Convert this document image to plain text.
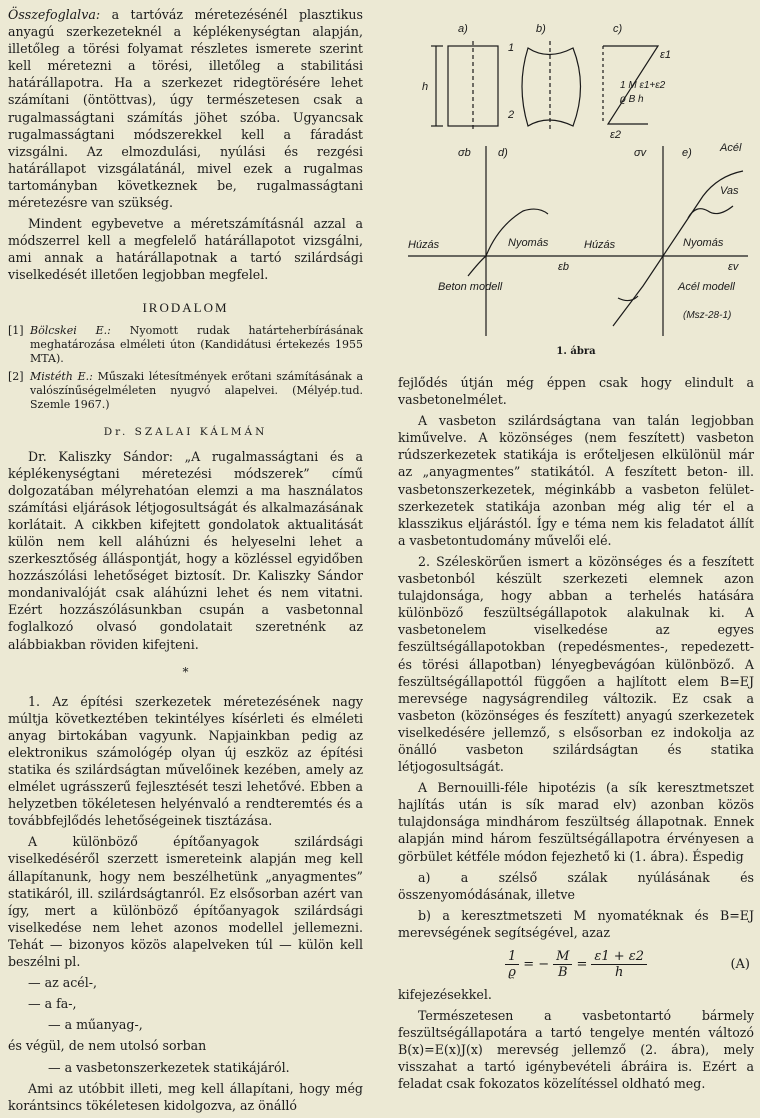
Összefoglalva: a tartóváz méretezésénél plasztikus anyagú szerkezeteknél a képlékenységtan alapján, illetőleg a törési folyamat részletes ismerete szerint kell méretezni a törési, illetőleg a stabilitási határállapotra. Ha a szerkezet ridegtörésére lehet számítani (öntöttvas), úgy természetesen csak a rugalmasságtani számítás jöhet szóba. Ugyancsak rugalmasságtani módszerekkel kell a fáradást vizsgálni. Az elmozdulási, nyúlási és rezgési határállapot vizsgálatánál, mivel ezek a rugalmas tartományban következnek be, rugalmasságtani méretezésre van szükség.

Mindent egybevetve a méretszámításnál azzal a módszerrel kell a megfelelő határállapotot vizsgálni, ami annak a határállapotnak a tartó szilárdsági viselkedését illetően legjobban megfelel.

IRODALOM
[1] Bölcskei E.: Nyomott rudak határteherbírásának meghatározása elméleti úton (Kandidátusi értekezés 1955 MTA).
[2] Mistéth E.: Műszaki létesítmények erőtani számításának a valószínűségelméleten nyugvó alapelvei. (Mélyép.tud. Szemle 1967.)
Dr. SZALAI KÁLMÁN

Dr. Kaliszky Sándor: „A rugalmasságtani és a képlékenységtani méretezési módszerek” című dolgozatában mélyrehatóan elemzi a ma használatos számítási eljárások létjogosultságát és alkalmazásának korlátait. A cikkben kifejtett gondolatok aktualitását külön nem kell aláhúzni és helyeselni lehet a szerkesztőség álláspontját, hogy a közléssel egyidőben hozzászólási lehetőséget biztosít. Dr. Kaliszky Sándor mondanivalóját csak aláhúzni lehet és nem vitatni. Ezért hozzászólásunkban csupán a vasbetonnal foglalkozó olvasó gondolatait szeretnénk az alábbiakban röviden kifejteni.

*

1. Az építési szerkezetek méretezésének nagy múltja következtében tekintélyes kísérleti és elméleti anyag birtokában vagyunk. Napjainkban pedig az elektronikus számológép olyan új eszköz az építési statika és szilárdságtan művelőinek kezében, amely az elmélet ugrásszerű fejlesztését teszi lehetővé. Ebben a helyzetben tökéletesen helyénvaló a rendteremtés és a továbbfejlődés lehetőségeinek tisztázása.

A különböző építőanyagok szilárdsági viselkedéséről szerzett ismereteink alapján meg kell állapítanunk, hogy nem beszélhetünk „anyagmentes” statikáról, ill. szilárdságtanról. Ez elsősorban azért van így, mert a különböző építőanyagok szilárdsági viselkedése nem lehet azonos modellel jellemezni. Tehát — bizonyos közös alapelveken túl — külön kell beszélni pl.

— az acél-,

— a fa-,

— a műanyag-,

és végül, de nem utolsó sorban

— a vasbetonszerkezetek statikájáról.

Ami az utóbbit illeti, meg kell állapítani, hogy még korántsincs tökéletesen kidolgozva, az önálló

a)	b)	c)
h
1
2
ε1
ε2
1 M ε1+ε2
ϱ B h
σb d)	σv	e)
Nyomás	Nyomás
Húzás	Húzás
εb	εv
Beton modell	Acél modell
Acél
Vas
(Msz-28-1)
1. ábra

fejlődés útján még éppen csak hogy elindult a vasbetonelmélet.

A vasbeton szilárdságtana van talán legjobban kiművelve. A közönséges (nem feszített) vasbeton rúdszerkezetek statikája is erőteljesen elkülönül már az „anyagmentes” statikától. A feszített beton- ill. vasbetonszerkezetek, méginkább a vasbeton felület-szerkezetek statikája azonban még alig tér el a klasszikus eljárástól. Így e téma nem kis feladatot állít a vasbetontudomány művelői elé.

2. Széleskörűen ismert a közönséges és a feszített vasbetonból készült szerkezeti elemnek azon tulajdonsága, hogy abban a terhelés hatására különböző feszültségállapotok alakulnak ki. A vasbetonelem viselkedése az egyes feszültségállapotokban (repedésmentes-, repedezett- és törési állapotban) lényegbevágóan különböző. A feszültségállapottól függően a hajlított elem B=EJ merevsége nagyságrendileg változik. Ez csak a vasbeton (közönséges és feszített) anyagú szerkezetek viselkedésére jellemző, s elsősorban ez indokolja az önálló vasbeton szilárdságtan és statika létjogosultságát.

A Bernouilli-féle hipotézis (a sík keresztmetszet hajlítás után is sík marad elv) azonban közös tulajdonsága mindhárom feszültség állapotnak. Ennek alapján mind három feszültségállapotra érvényesen a görbület kétféle módon fejezhető ki (1. ábra). Éspedig

a) a szélső szálak nyúlásának és összenyomódásának, illetve

b) a keresztmetszeti M nyomatéknak és B=EJ merevségének segítségével, azaz

$\frac{1}{ϱ}$ = − $\frac{M}{B} = \frac{\varepsilon 1 + \varepsilon 2}{h}$	(A)

kifejezésekkel.

Természetesen a vasbetontartó bármely feszültségállapotára a tartó tengelye mentén változó B(x)=E(x)J(x) merevség jellemző (2. ábra), mely visszahat a tartó igénybevételi ábráira is. Ezért a feladat csak fokozatos közelítéssel oldható meg.
